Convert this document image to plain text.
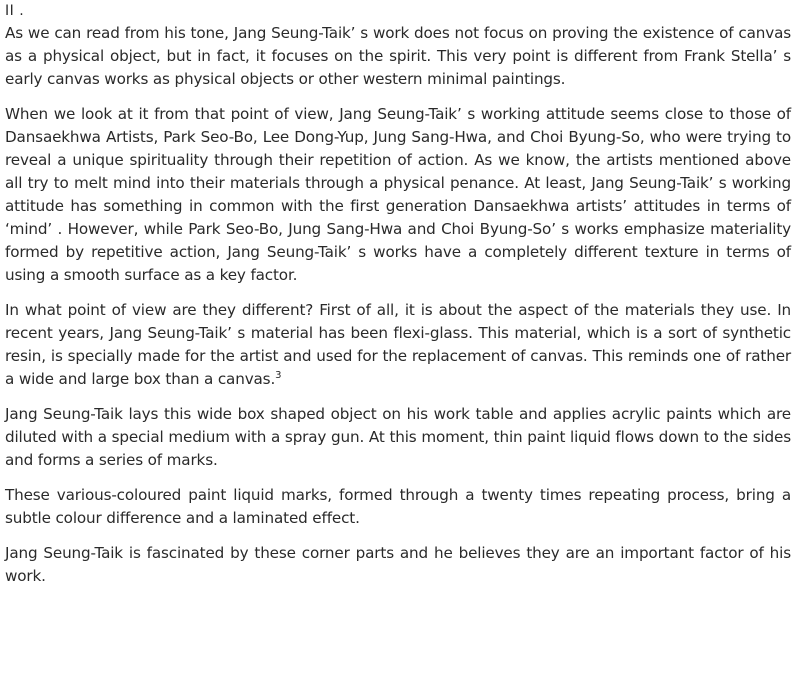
II .

As we can read from his tone, Jang Seung-Taik’ s work does not focus on proving the existence of canvas as a physical object, but in fact, it focuses on the spirit. This very point is different from Frank Stella’ s early canvas works as physical objects or other western minimal paintings.

When we look at it from that point of view, Jang Seung-Taik’ s working attitude seems close to those of Dansaekhwa Artists, Park Seo-Bo, Lee Dong-Yup, Jung Sang-Hwa, and Choi Byung-So, who were trying to reveal a unique spirituality through their repetition of action. As we know, the artists mentioned above all try to melt mind into their materials through a physical penance. At least, Jang Seung-Taik’ s working attitude has something in common with the first generation Dansaekhwa artists’ attitudes in terms of ‘mind’ . However, while Park Seo-Bo, Jung Sang-Hwa and Choi Byung-So’ s works emphasize materiality formed by repetitive action, Jang Seung-Taik’ s works have a completely different texture in terms of using a smooth surface as a key factor.

In what point of view are they different? First of all, it is about the aspect of the materials they use. In recent years, Jang Seung-Taik’ s material has been flexi-glass. This material, which is a sort of synthetic resin, is specially made for the artist and used for the replacement of canvas. This reminds one of rather a wide and large box than a canvas.$^3$

Jang Seung-Taik lays this wide box shaped object on his work table and applies acrylic paints which are diluted with a special medium with a spray gun. At this moment, thin paint liquid flows down to the sides and forms a series of marks.

These various-coloured paint liquid marks, formed through a twenty times repeating process, bring a subtle colour difference and a laminated effect.

Jang Seung-Taik is fascinated by these corner parts and he believes they are an important factor of his work.
